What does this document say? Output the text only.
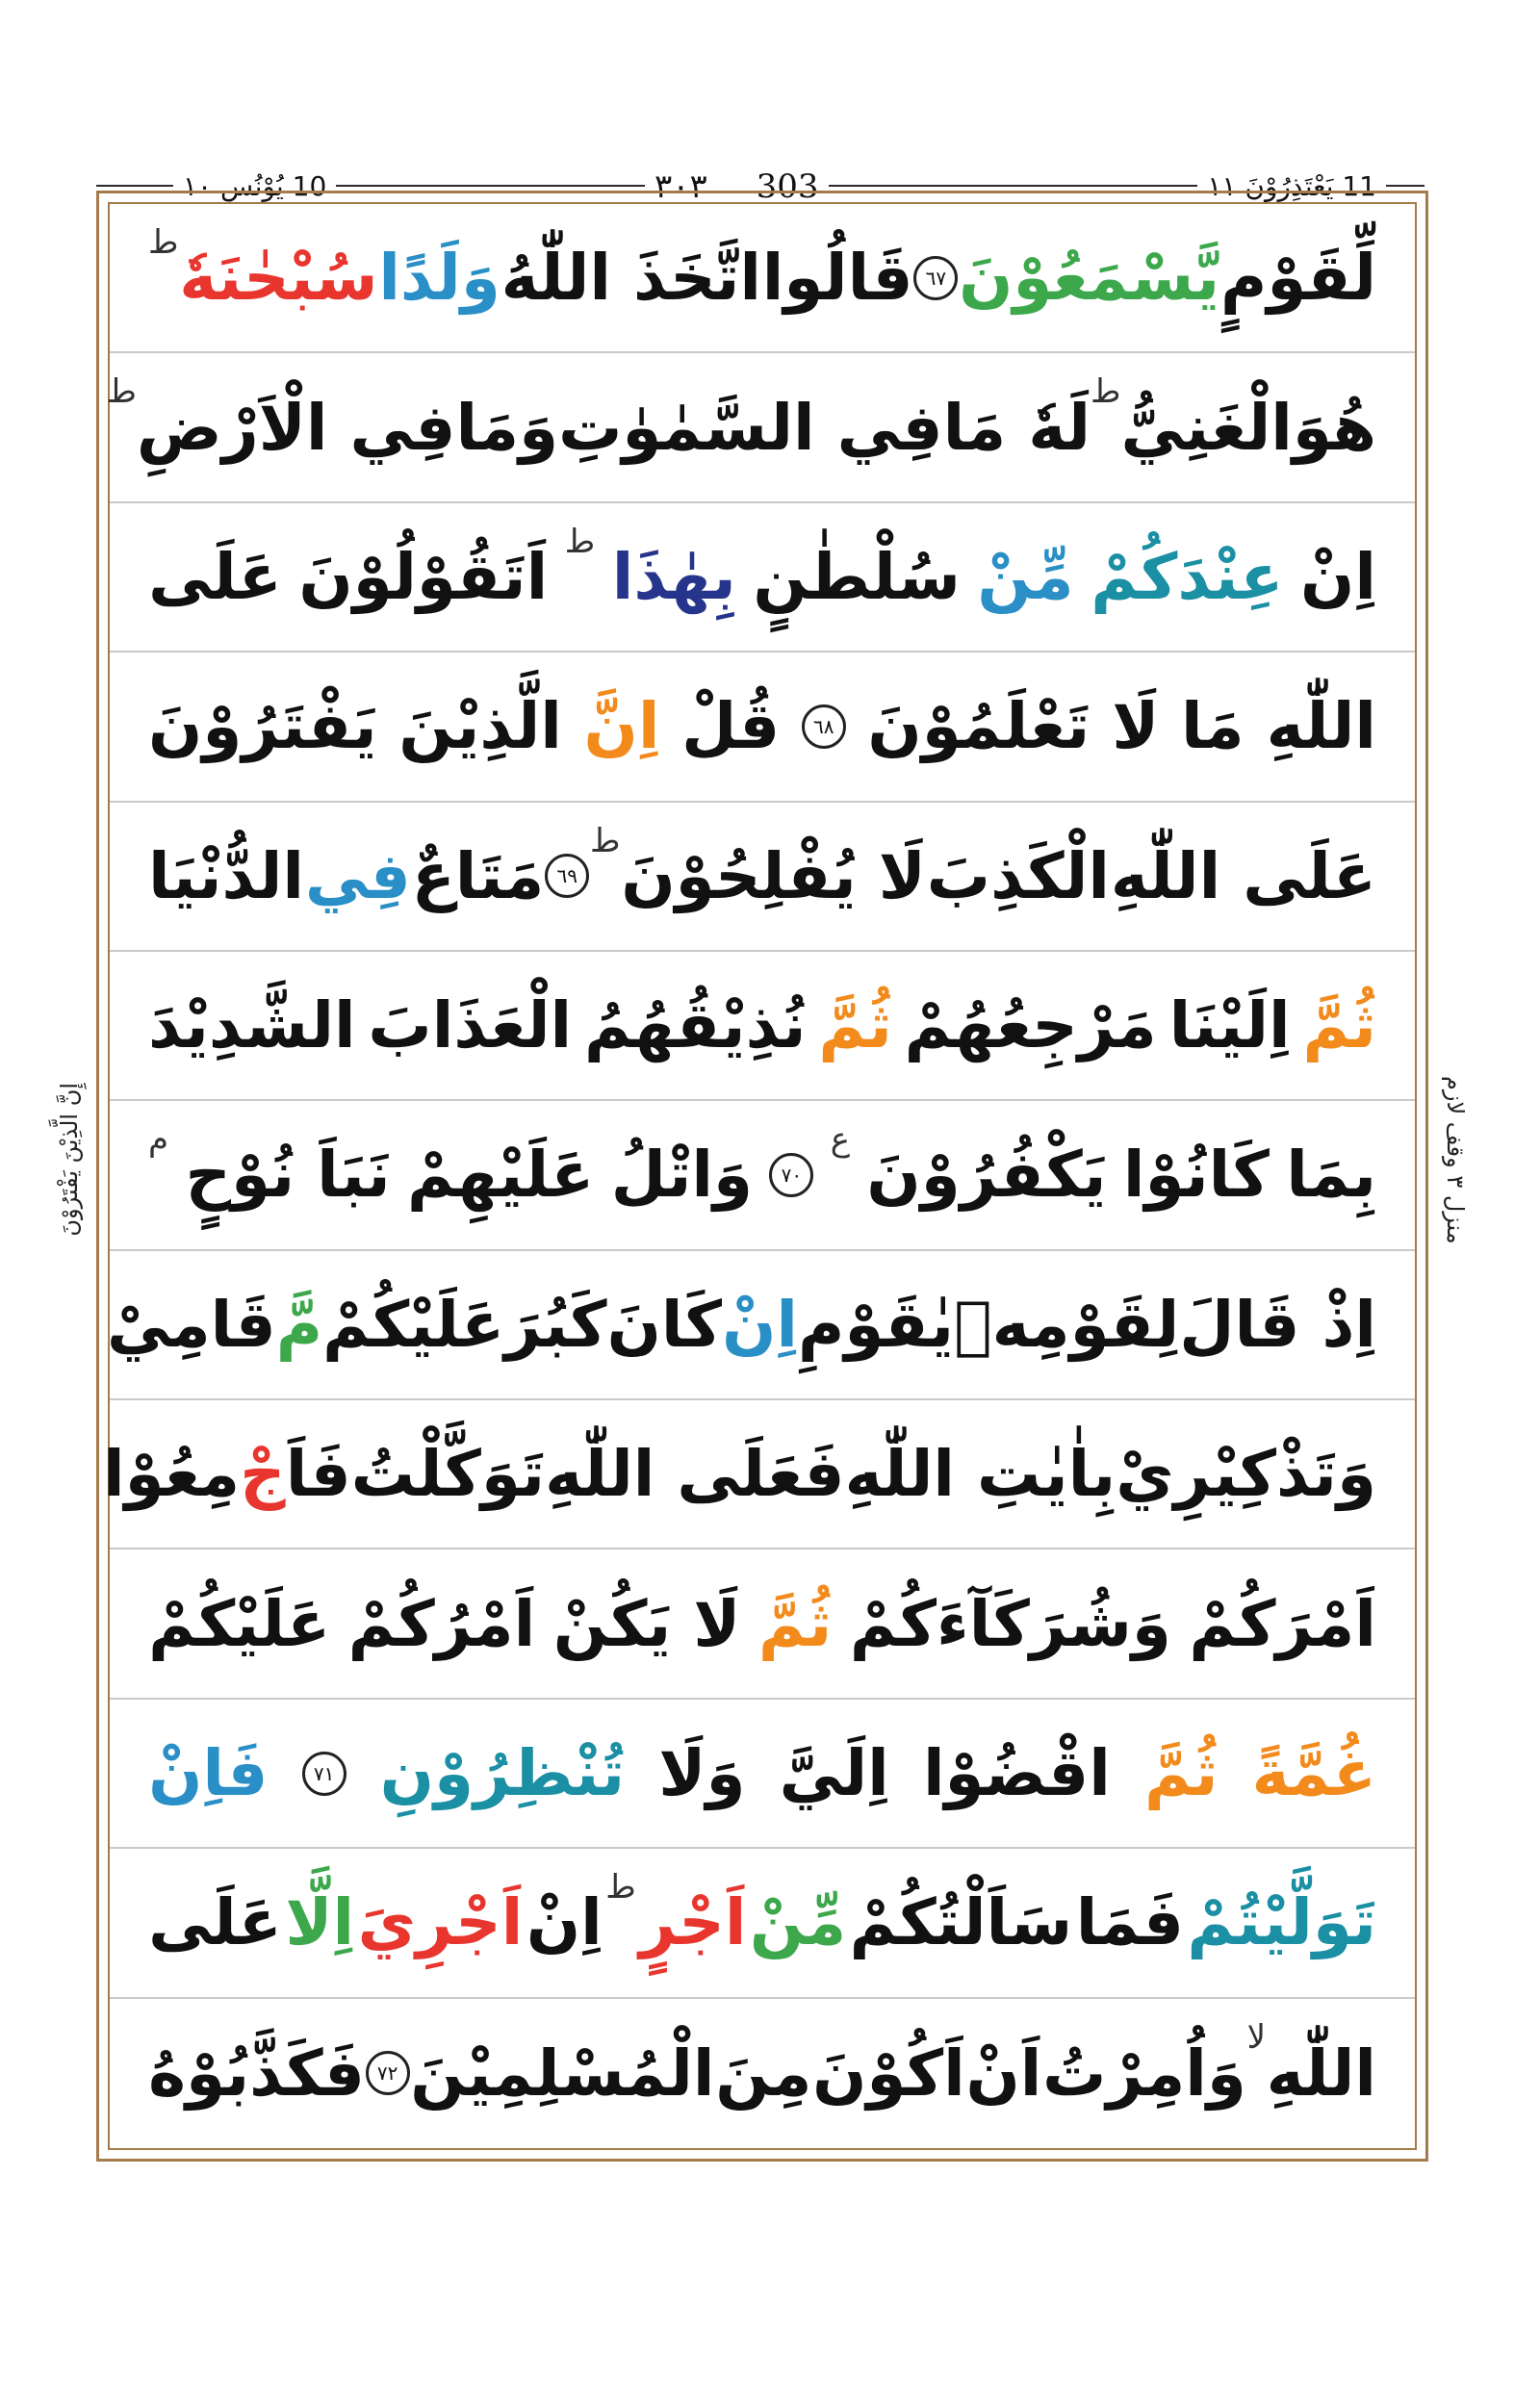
10 يُوْنُس ١٠	٣٠٣ 303	11 يَعْتَذِرُوْنَ ١١
لِّقَوْمٍ
يَّسْمَعُوْنَ
٦٧
قَالُوا
اتَّخَذَ اللّٰهُ
وَلَدًا
سُبْحٰنَهٗ
ط
هُوَ
الْغَنِيُّ
ط
لَهٗ مَا
فِي السَّمٰوٰتِ
وَمَا
فِي الْاَرْضِ
ط
اِنْ
عِنْدَكُمْ
مِّنْ
سُلْطٰنٍ
بِهٰذَا
ط
اَتَقُوْلُوْنَ
عَلَى
اللّٰهِ مَا
لَا تَعْلَمُوْنَ
٦٨
قُلْ
اِنَّ
الَّذِيْنَ
يَفْتَرُوْنَ
عَلَى اللّٰهِ
الْكَذِبَ
لَا يُفْلِحُوْنَ
ط
٦٩
مَتَاعٌ
فِي
الدُّنْيَا
ثُمَّ
اِلَيْنَا
مَرْجِعُهُمْ
ثُمَّ
نُذِيْقُهُمُ
الْعَذَابَ
الشَّدِيْدَ
بِمَا
كَانُوْا
يَكْفُرُوْنَ
ع
٧٠
وَاتْلُ
عَلَيْهِمْ
نَبَاَ نُوْحٍ
م
اِذْ قَالَ
لِقَوْمِهٖ
يٰقَوْمِ
اِنْ
كَانَ
كَبُرَ
عَلَيْكُمْ
مَّ
قَامِيْ
وَتَذْكِيْرِيْ
بِاٰيٰتِ اللّٰهِ
فَعَلَى اللّٰهِ
تَوَكَّلْتُ
فَاَ
جْ
مِعُوْا
اَمْرَكُمْ
وَشُرَكَآءَكُمْ
ثُمَّ
لَا يَكُنْ
اَمْرُكُمْ
عَلَيْكُمْ
غُمَّةً
ثُمَّ
اقْضُوْا
اِلَيَّ
وَلَا
تُنْظِرُوْنِ
٧١
فَاِنْ
تَوَلَّيْتُمْ
فَمَا
سَاَلْتُكُمْ
مِّنْ
اَجْرٍ
ط
اِنْ
اَجْرِيَ
اِلَّا
عَلَى
اللّٰهِ
لا
وَاُمِرْتُ
اَنْ
اَكُوْنَ
مِنَ
الْمُسْلِمِيْنَ
٧٢
فَكَذَّبُوْهُ
إِنَّ الَّذِيْنَ يَفْتَرُوْنَ	منزل ٣ وقف لازم
